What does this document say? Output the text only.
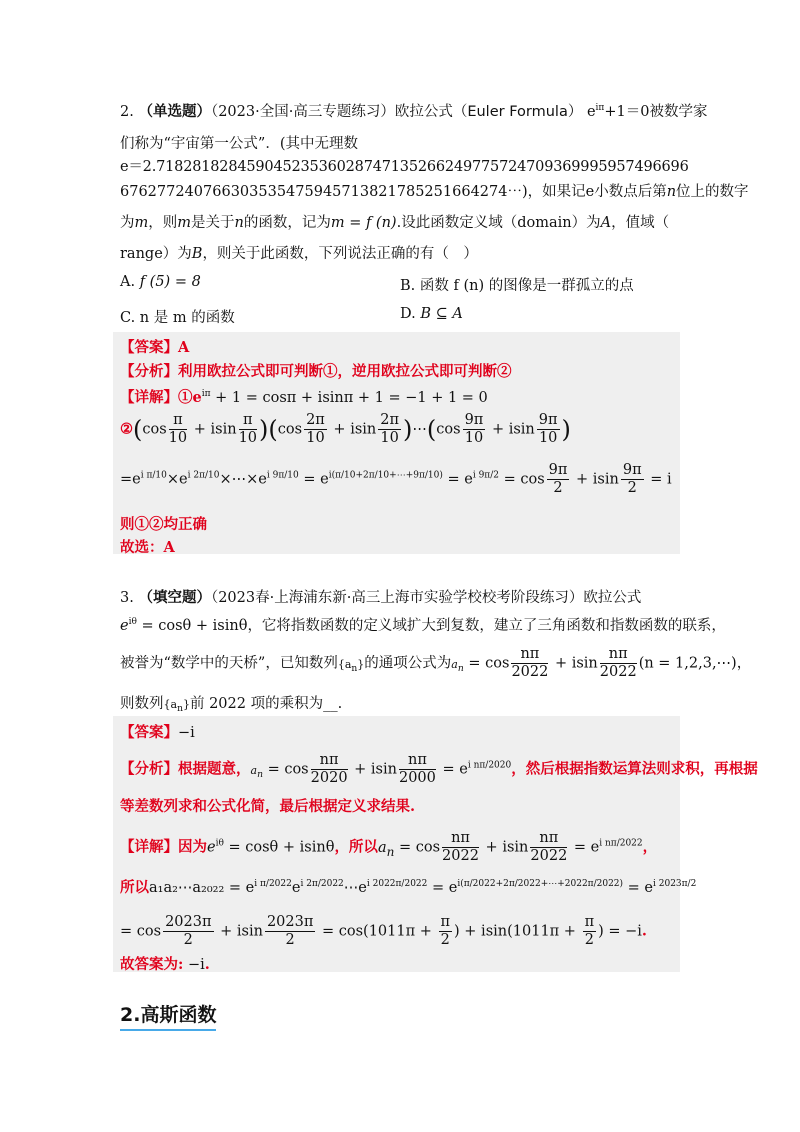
2. （单选题）（2023·全国·高三专题练习）欧拉公式（Euler Formula） $e^{i\pi}+1=0$被数学家
们称为“宇宙第一公式”．(其中无理数
e＝2.71828182845904523536028747135266249775724709369995957496696
6762772407663035354759457138217852516642​74⋯)，如果记e小数点后第n位上的数字
为m，则m是关于n的函数，记为m = f (n).设此函数定义域（domain）为A，值域（
range）为B，则关于此函数，下列说法正确的有（　）
A. f (5) = 8	B. 函数 f (n) 的图像是一群孤立的点
C. n 是 m 的函数	D. B ⊆ A
【答案】A
【分析】利用欧拉公式即可判断①，逆用欧拉公式即可判断②
【详解】$①e^{i\pi} + 1 = \cos\pi + isin\pi + 1 = -1 + 1 = 0$
②(cos $\frac{\pi}{10} + isin \frac{\pi}{10} )(\cos \frac{2\pi}{10} + isin \frac{2\pi}{10}$ )⋯(cos $\frac{9\pi}{10} + isin \frac{9\pi}{10}$ )
$=e^{i \pi/10}\times e^{i 2\pi/10}\times\cdots\times e^{i 9\pi/10} = e^{i(\pi/10+2\pi/10+\cdots+9\pi/10)} = e^{i 9\pi/2} = \cos \frac{9\pi}{2} + isin \frac{9\pi}{2} = i$
则①②均正确
故选：A
3. （填空题）（2023春·上海浦东新·高三上海市实验学校校考阶段练习）欧拉公式
$e^{i\theta} = \cos\theta + isin\theta$，它将指数函数的定义域扩大到复数，建立了三角函数和指数函数的联系，
被誉为“数学中的天桥”，已知数列$\{a_n\}$的通项公式为$a_n = \cos \frac{n\pi}{2022} + isin \frac{n\pi}{2022} (n$ = 1,2,3,⋯)，
则数列$\{a_n\}$前 2022 项的乘积为__.
【答案】−i
【分析】根据题意，$a_n = \cos \frac{n\pi}{2020} + isin \frac{n\pi}{2000} = e^{i n\pi/2020}$，然后根据指数运算法则求积，再根据
等差数列求和公式化简，最后根据定义求结果.
【详解】因为$e^{i\theta} = \cos\theta + isin\theta$，所以$a_n = \cos \frac{n\pi}{2022} + isin \frac{n\pi}{2022} = e^{i n\pi/2022}$，
所以a₁a₂⋯a₂₀₂₂ = $e^{i \pi/2022}e^{i 2\pi/2022}\cdots e^{i 2022\pi/2022} = e^{i(\pi/2022+2\pi/2022+\cdots+2022\pi/2022)} = e^{i 2023\pi/2}$
= $\cos \frac{2023\pi}{2} + isin \frac{2023\pi}{2} = \cos(1011\pi + \frac{\pi}{2}$ ) + $isin(1011\pi + \frac{\pi}{2}$ ) = −i.
故答案为: −i.
2.高斯函数
